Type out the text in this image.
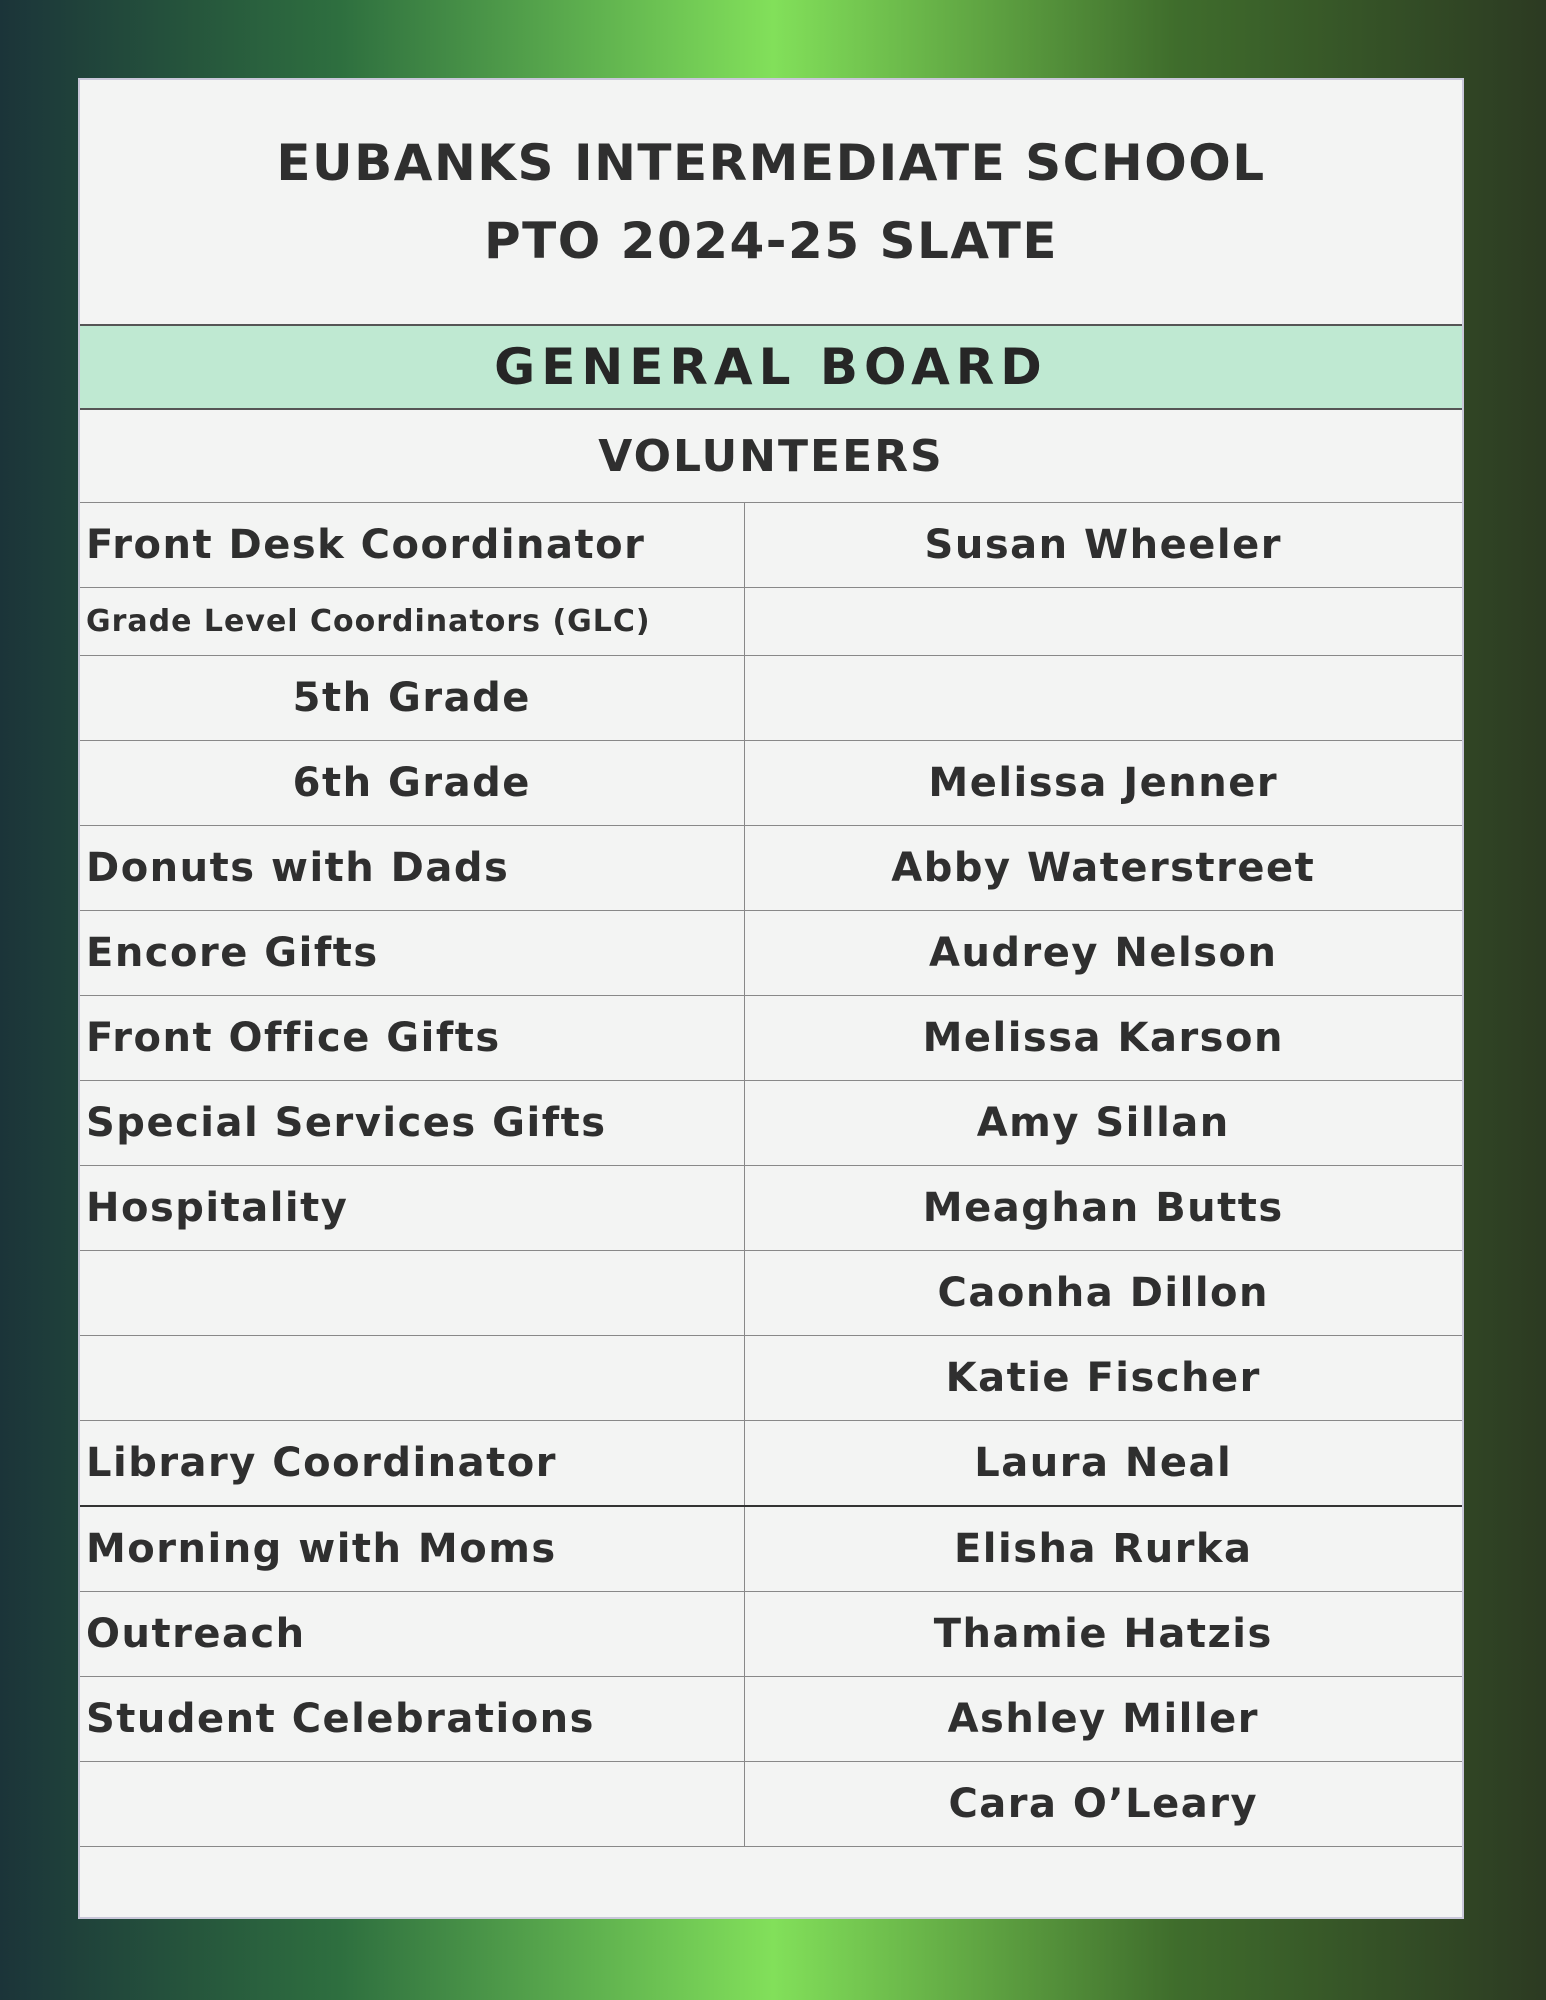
EUBANKS INTERMEDIATE SCHOOL
PTO 2024-25 SLATE
GENERAL BOARD
VOLUNTEERS
Front Desk Coordinator	Susan Wheeler
Grade Level Coordinators (GLC)	
5th Grade	
6th Grade	Melissa Jenner
Donuts with Dads	Abby Waterstreet
Encore Gifts	Audrey Nelson
Front Office Gifts	Melissa Karson
Special Services Gifts	Amy Sillan
Hospitality	Meaghan Butts
	Caonha Dillon
	Katie Fischer
Library Coordinator	Laura Neal
Morning with Moms	Elisha Rurka
Outreach	Thamie Hatzis
Student Celebrations	Ashley Miller
	Cara O’Leary
